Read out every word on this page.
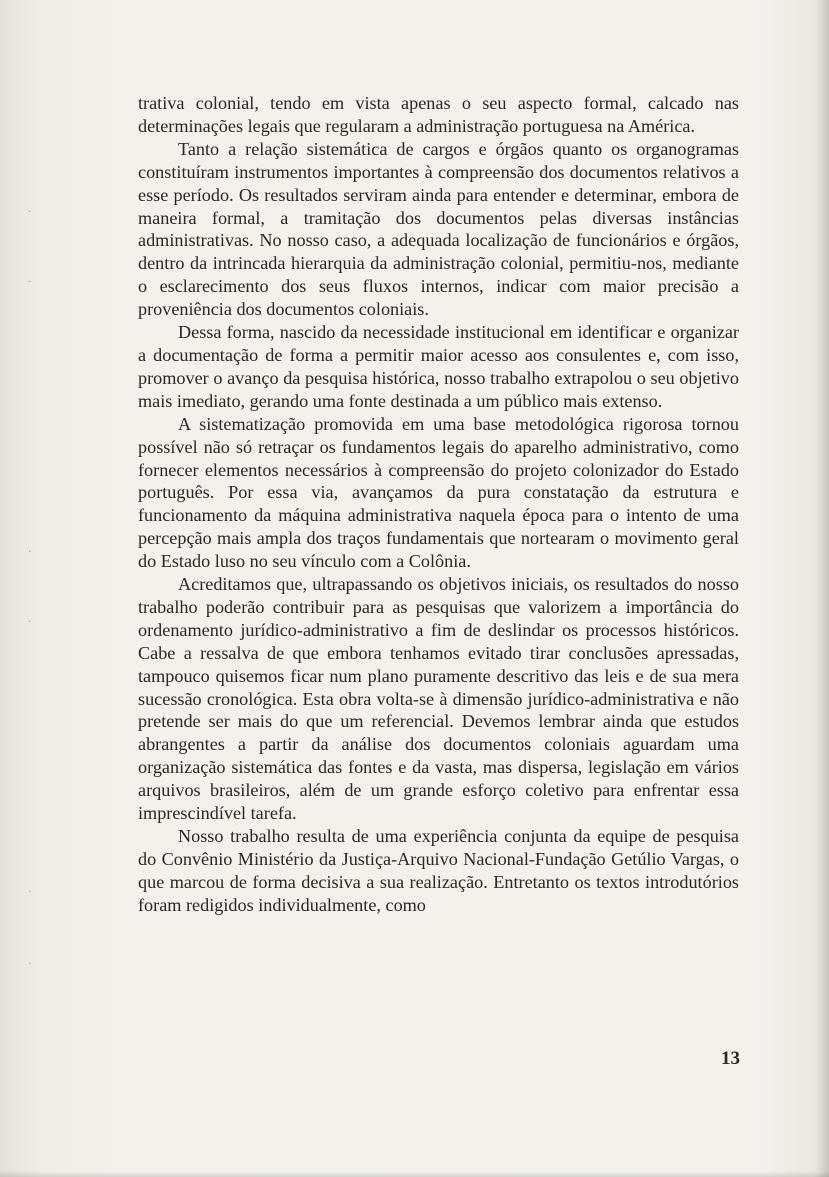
trativa colonial, tendo em vista apenas o seu aspecto formal, calcado nas determinações legais que regularam a administração portuguesa na América.

Tanto a relação sistemática de cargos e órgãos quanto os organogramas constituíram instrumentos importantes à compreensão dos documentos relativos a esse período. Os resultados serviram ainda para entender e determinar, embora de maneira formal, a tramitação dos documentos pelas diversas instâncias administrativas. No nosso caso, a adequada localização de funcionários e órgãos, dentro da intrincada hierarquia da administração colonial, permitiu-nos, mediante o esclarecimento dos seus fluxos internos, indicar com maior precisão a proveniência dos documentos coloniais.

Dessa forma, nascido da necessidade institucional em identificar e organizar a documentação de forma a permitir maior acesso aos consulentes e, com isso, promover o avanço da pesquisa histórica, nosso trabalho extrapolou o seu objetivo mais imediato, gerando uma fonte destinada a um público mais extenso.

A sistematização promovida em uma base metodológica rigorosa tornou possível não só retraçar os fundamentos legais do aparelho administrativo, como fornecer elementos necessários à compreensão do projeto colonizador do Estado português. Por essa via, avançamos da pura constatação da estrutura e funcionamento da máquina administrativa naquela época para o intento de uma percepção mais ampla dos traços fundamentais que nortearam o movimento geral do Estado luso no seu vínculo com a Colônia.

Acreditamos que, ultrapassando os objetivos iniciais, os resultados do nosso trabalho poderão contribuir para as pesquisas que valorizem a importância do ordenamento jurídico-administrativo a fim de deslindar os processos históricos. Cabe a ressalva de que embora tenhamos evitado tirar conclusões apressadas, tampouco quisemos ficar num plano puramente descritivo das leis e de sua mera sucessão cronológica. Esta obra volta-se à dimensão jurídico-administrativa e não pretende ser mais do que um referencial. Devemos lembrar ainda que estudos abrangentes a partir da análise dos documentos coloniais aguardam uma organização sistemática das fontes e da vasta, mas dispersa, legislação em vários arquivos brasileiros, além de um grande esforço coletivo para enfrentar essa imprescindível tarefa.

Nosso trabalho resulta de uma experiência conjunta da equipe de pesquisa do Convênio Ministério da Justiça-Arquivo Nacional-Fundação Getúlio Vargas, o que marcou de forma decisiva a sua realização. Entretanto os textos introdutórios foram redigidos individualmente, como

13
·
·
·
·
·
·
